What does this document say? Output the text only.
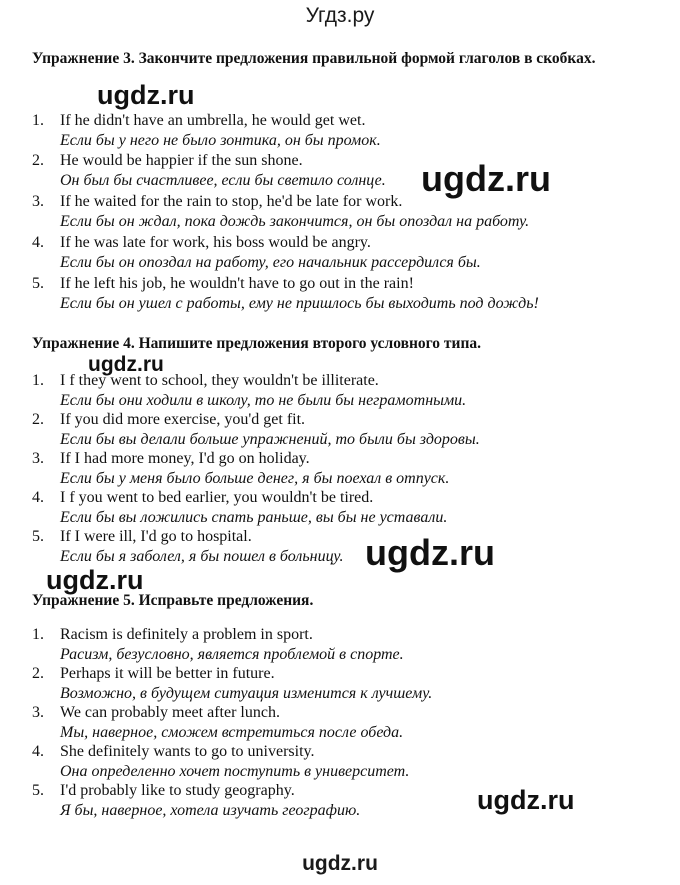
Угдз.ру
Упражнение 3. Закончите предложения правильной формой глаголов в скобках.
1. If he didn't have an umbrella, he would get wet.
Если бы у него не было зонтика, он бы промок.
2. He would be happier if the sun shone.
Он был бы счастливее, если бы светило солнце.
3. If he waited for the rain to stop, he'd be late for work.
Если бы он ждал, пока дождь закончится, он бы опоздал на работу.
4. If he was late for work, his boss would be angry.
Если бы он опоздал на работу, его начальник рассердился бы.
5. If he left his job, he wouldn't have to go out in the rain!
Если бы он ушел с работы, ему не пришлось бы выходить под дождь!
Упражнение 4. Напишите предложения второго условного типа.
1. I f they went to school, they wouldn't be illiterate.
Если бы они ходили в школу, то не были бы неграмотными.
2. If you did more exercise, you'd get fit.
Если бы вы делали больше упражнений, то были бы здоровы.
3. If I had more money, I'd go on holiday.
Если бы у меня было больше денег, я бы поехал в отпуск.
4. I f you went to bed earlier, you wouldn't be tired.
Если бы вы ложились спать раньше, вы бы не уставали.
5. If I were ill, I'd go to hospital.
Если бы я заболел, я бы пошел в больницу.
Упражнение 5. Исправьте предложения.
1. Racism is definitely a problem in sport.
Расизм, безусловно, является проблемой в спорте.
2. Perhaps it will be better in future.
Возможно, в будущем ситуация изменится к лучшему.
3. We can probably meet after lunch.
Мы, наверное, сможем встретиться после обеда.
4. She definitely wants to go to university.
Она определенно хочет поступить в университет.
5. I'd probably like to study geography.
Я бы, наверное, хотела изучать географию.
ugdz.ru
ugdz.ru
ugdz.ru
ugdz.ru
ugdz.ru
ugdz.ru
ugdz.ru
